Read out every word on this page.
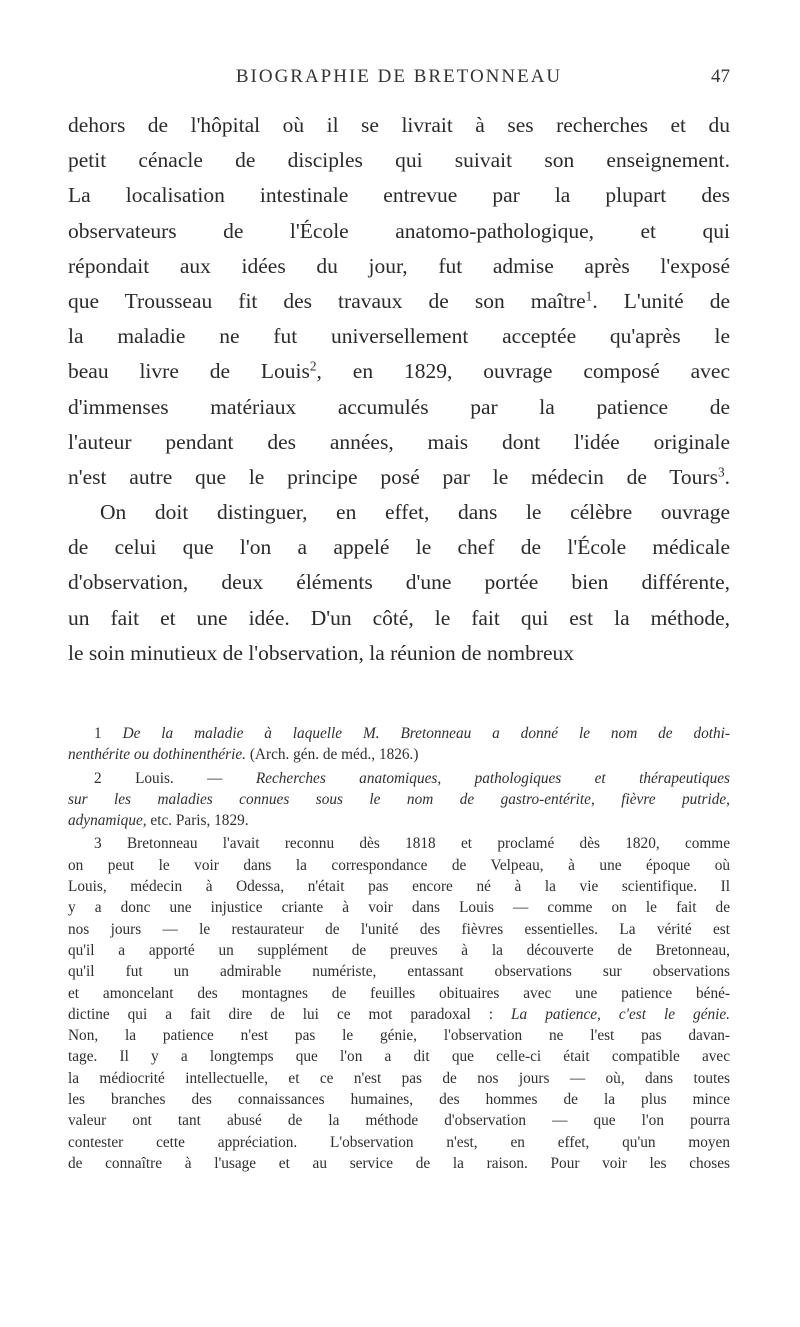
BIOGRAPHIE DE BRETONNEAU	47
dehors de l'hôpital où il se livrait à ses recherches et du
petit cénacle de disciples qui suivait son enseignement.
La localisation intestinale entrevue par la plupart des
observateurs de l'École anatomo-pathologique, et qui
répondait aux idées du jour, fut admise après l'exposé
que Trousseau fit des travaux de son maître$^1$. L'unité de
la maladie ne fut universellement acceptée qu'après le
beau livre de Louis$^2$, en 1829, ouvrage composé avec
d'immenses matériaux accumulés par la patience de
l'auteur pendant des années, mais dont l'idée originale
n'est autre que le principe posé par le médecin de Tours$^3$.
On doit distinguer, en effet, dans le célèbre ouvrage
de celui que l'on a appelé le chef de l'École médicale
d'observation, deux éléments d'une portée bien différente,
un fait et une idée. D'un côté, le fait qui est la méthode,
le soin minutieux de l'observation, la réunion de nombreux
1 De la maladie à laquelle M. Bretonneau a donné le nom de dothi-
nenthérite ou dothinenthérie. (Arch. gén. de méd., 1826.)
2 Louis. — Recherches anatomiques, pathologiques et thérapeutiques
sur les maladies connues sous le nom de gastro-entérite, fièvre putride,
adynamique, etc. Paris, 1829.
3 Bretonneau l'avait reconnu dès 1818 et proclamé dès 1820, comme
on peut le voir dans la correspondance de Velpeau, à une époque où
Louis, médecin à Odessa, n'était pas encore né à la vie scientifique. Il
y a donc une injustice criante à voir dans Louis — comme on le fait de
nos jours — le restaurateur de l'unité des fièvres essentielles. La vérité est
qu'il a apporté un supplément de preuves à la découverte de Bretonneau,
qu'il fut un admirable numériste, entassant observations sur observations
et amoncelant des montagnes de feuilles obituaires avec une patience béné-
dictine qui a fait dire de lui ce mot paradoxal : La patience, c'est le génie.
Non, la patience n'est pas le génie, l'observation ne l'est pas davan-
tage. Il y a longtemps que l'on a dit que celle-ci était compatible avec
la médiocrité intellectuelle, et ce n'est pas de nos jours — où, dans toutes
les branches des connaissances humaines, des hommes de la plus mince
valeur ont tant abusé de la méthode d'observation — que l'on pourra
contester cette appréciation. L'observation n'est, en effet, qu'un moyen
de connaître à l'usage et au service de la raison. Pour voir les choses
